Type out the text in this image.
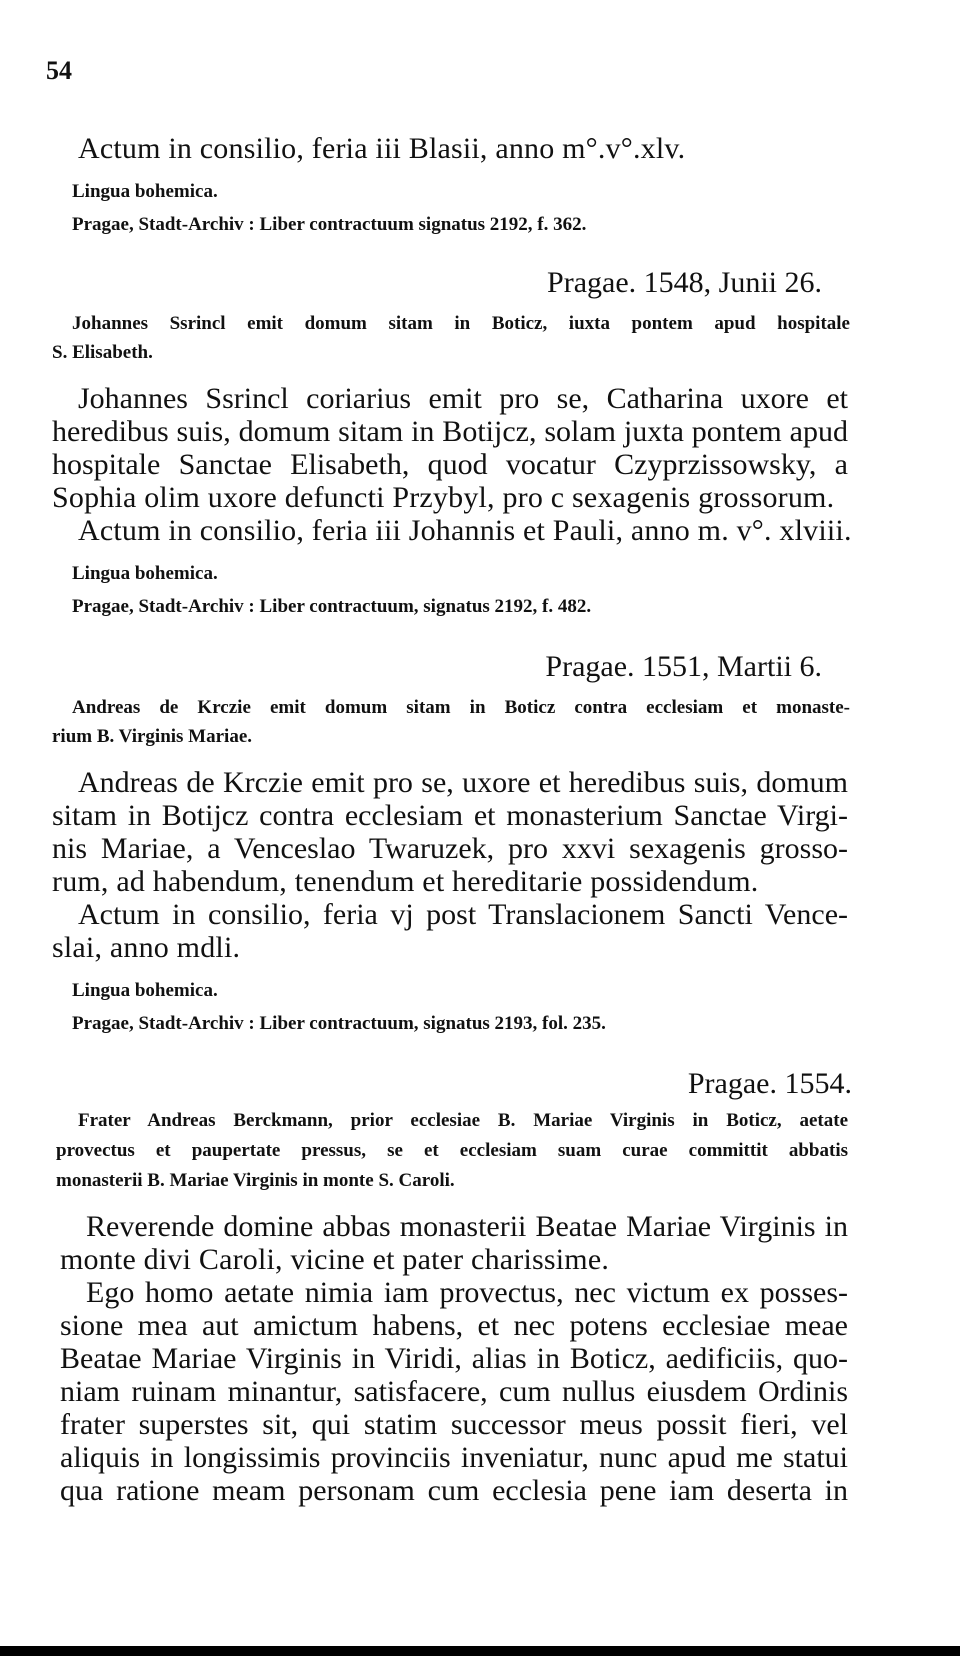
54
Actum in consilio, feria iii Blasii, anno m°.v°.xlv.
Lingua bohemica.
Pragae, Stadt-Archiv : Liber contractuum signatus 2192, f. 362.
Pragae. 1548, Junii 26.
Johannes Ssrincl emit domum sitam in Boticz, iuxta pontem apud hospitale
S. Elisabeth.
Johannes Ssrincl coriarius emit pro se, Catharina uxore et
heredibus suis, domum sitam in Botijcz, solam juxta pontem apud
hospitale Sanctae Elisabeth, quod vocatur Czyprzissowsky, a
Sophia olim uxore defuncti Przybyl, pro c sexagenis grossorum.
Actum in consilio, feria iii Johannis et Pauli, anno m. v°. xlviii.
Lingua bohemica.
Pragae, Stadt-Archiv : Liber contractuum, signatus 2192, f. 482.
Pragae. 1551, Martii 6.
Andreas de Krczie emit domum sitam in Boticz contra ecclesiam et monaste-
rium B. Virginis Mariae.
Andreas de Krczie emit pro se, uxore et heredibus suis, domum
sitam in Botijcz contra ecclesiam et monasterium Sanctae Virgi-
nis Mariae, a Venceslao Twaruzek, pro xxvi sexagenis grosso-
rum, ad habendum, tenendum et hereditarie possidendum.
Actum in consilio, feria vj post Translacionem Sancti Vence-
slai, anno mdli.
Lingua bohemica.
Pragae, Stadt-Archiv : Liber contractuum, signatus 2193, fol. 235.
Pragae. 1554.
Frater Andreas Berckmann, prior ecclesiae B. Mariae Virginis in Boticz, aetate
provectus et paupertate pressus, se et ecclesiam suam curae committit abbatis
monasterii B. Mariae Virginis in monte S. Caroli.
Reverende domine abbas monasterii Beatae Mariae Virginis in
monte divi Caroli, vicine et pater charissime.
Ego homo aetate nimia iam provectus, nec victum ex posses-
sione mea aut amictum habens, et nec potens ecclesiae meae
Beatae Mariae Virginis in Viridi, alias in Boticz, aedificiis, quo-
niam ruinam minantur, satisfacere, cum nullus eiusdem Ordinis
frater superstes sit, qui statim successor meus possit fieri, vel
aliquis in longissimis provinciis inveniatur, nunc apud me statui
qua ratione meam personam cum ecclesia pene iam deserta in
